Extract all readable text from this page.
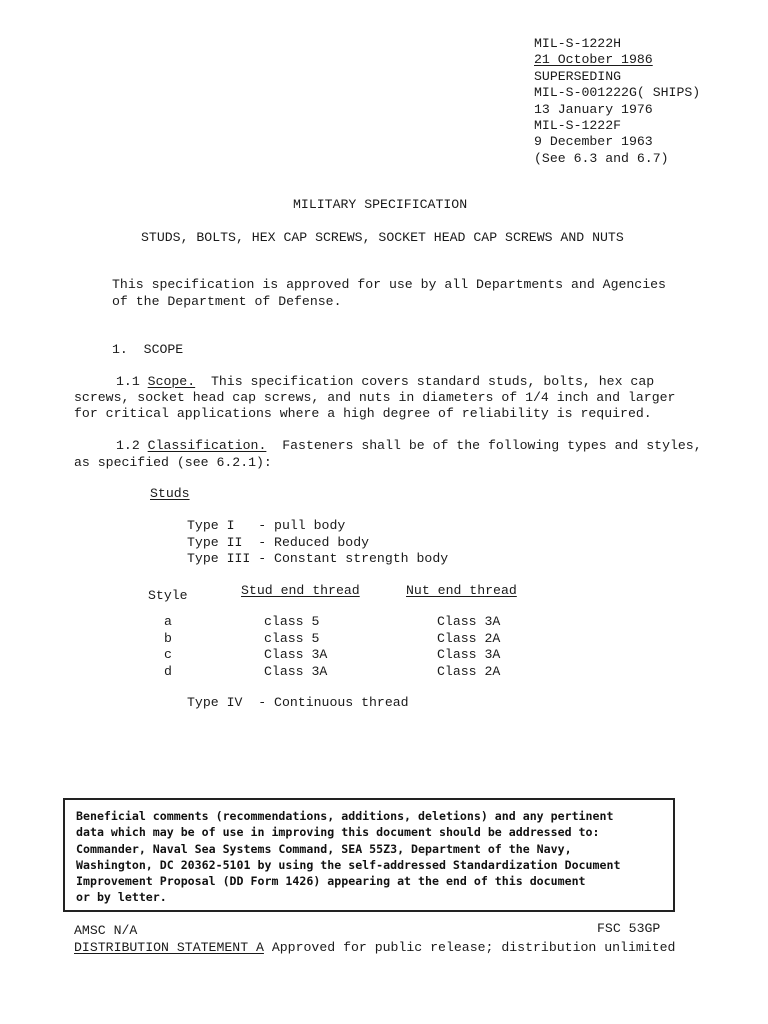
MIL-S-1222H
21 October 1986
SUPERSEDING
MIL-S-001222G( SHIPS)
13 January 1976
MIL-S-1222F
9 December 1963
(See 6.3 and 6.7)
MILITARY SPECIFICATION
STUDS, BOLTS, HEX CAP SCREWS, SOCKET HEAD CAP SCREWS AND NUTS
This specification is approved for use by all Departments and Agencies
of the Department of Defense.
1.  SCOPE
1.1 Scope.  This specification covers standard studs, bolts, hex cap
screws, socket head cap screws, and nuts in diameters of 1/4 inch and larger
for critical applications where a high degree of reliability is required.
1.2 Classification.  Fasteners shall be of the following types and styles,
as specified (see 6.2.1):
Studs
Type I   - pull body
Type II  - Reduced body
Type III - Constant strength body
Style	Stud end thread	Nut end thread
a	class 5	Class 3A
b	class 5	Class 2A
c	Class 3A	Class 3A
d	Class 3A	Class 2A
Type IV  - Continuous thread
Beneficial comments (recommendations, additions, deletions) and any pertinent
data which may be of use in improving this document should be addressed to:
Commander, Naval Sea Systems Command, SEA 55Z3, Department of the Navy,
Washington, DC 20362-5101 by using the self-addressed Standardization Document
Improvement Proposal (DD Form 1426) appearing at the end of this document
or by letter.
AMSC N/A	FSC 53GP
DISTRIBUTION STATEMENT A Approved for public release; distribution unlimited
